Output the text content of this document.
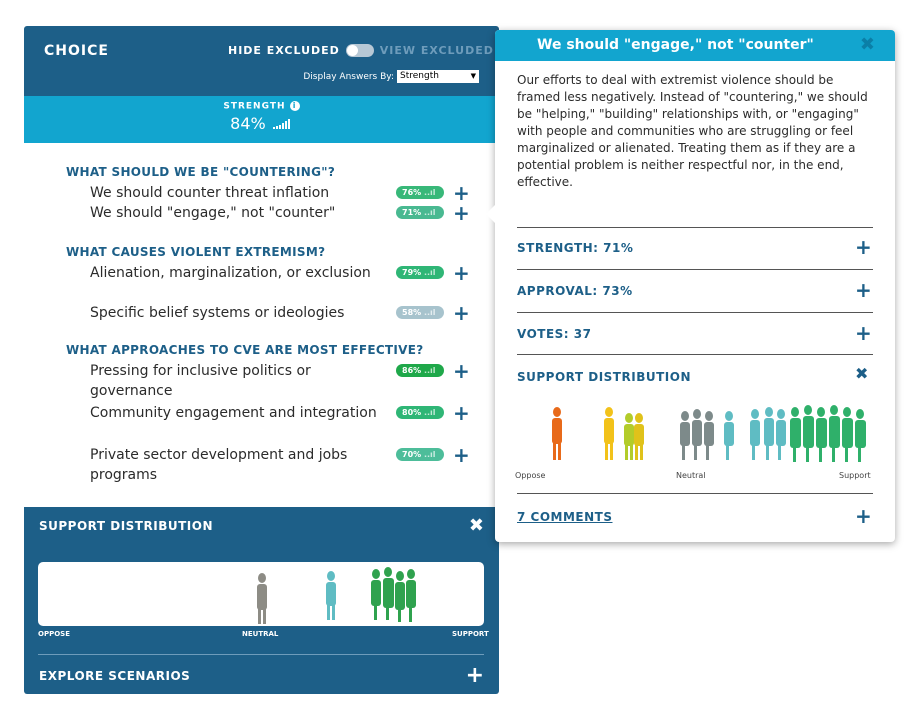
CHOICE	HIDE EXCLUDED	VIEW EXCLUDED
Display Answers By: Strength	▼
STRENGTH i
84%
WHAT SHOULD WE BE "COUNTERING"?
We should counter threat inflation	76% ..ıl +
We should "engage," not "counter"	71% ..ıl +
WHAT CAUSES VIOLENT EXTREMISM?
Alienation, marginalization, or exclusion	79% ..ıl +
Specific belief systems or ideologies	58% ..ıl +
WHAT APPROACHES TO CVE ARE MOST EFFECTIVE?
Pressing for inclusive politics or governance
86% ..ıl +
Community engagement and integration	80% ..ıl +
Private sector development and jobs programs
70% ..ıl +
SUPPORT DISTRIBUTION	✖
OPPOSE	NEUTRAL	SUPPORT
EXPLORE SCENARIOS	+
We should "engage," not "counter"	✖
Our efforts to deal with extremist violence should be framed less negatively. Instead of "countering," we should be "helping," "building" relationships with, or "engaging" with people and communities who are struggling or feel marginalized or alienated. Treating them as if they are a potential problem is neither respectful nor, in the end, effective.
STRENGTH: 71%	+
APPROVAL: 73%	+
VOTES: 37	+
SUPPORT DISTRIBUTION	✖
Oppose	Neutral	Support
7 COMMENTS	+
